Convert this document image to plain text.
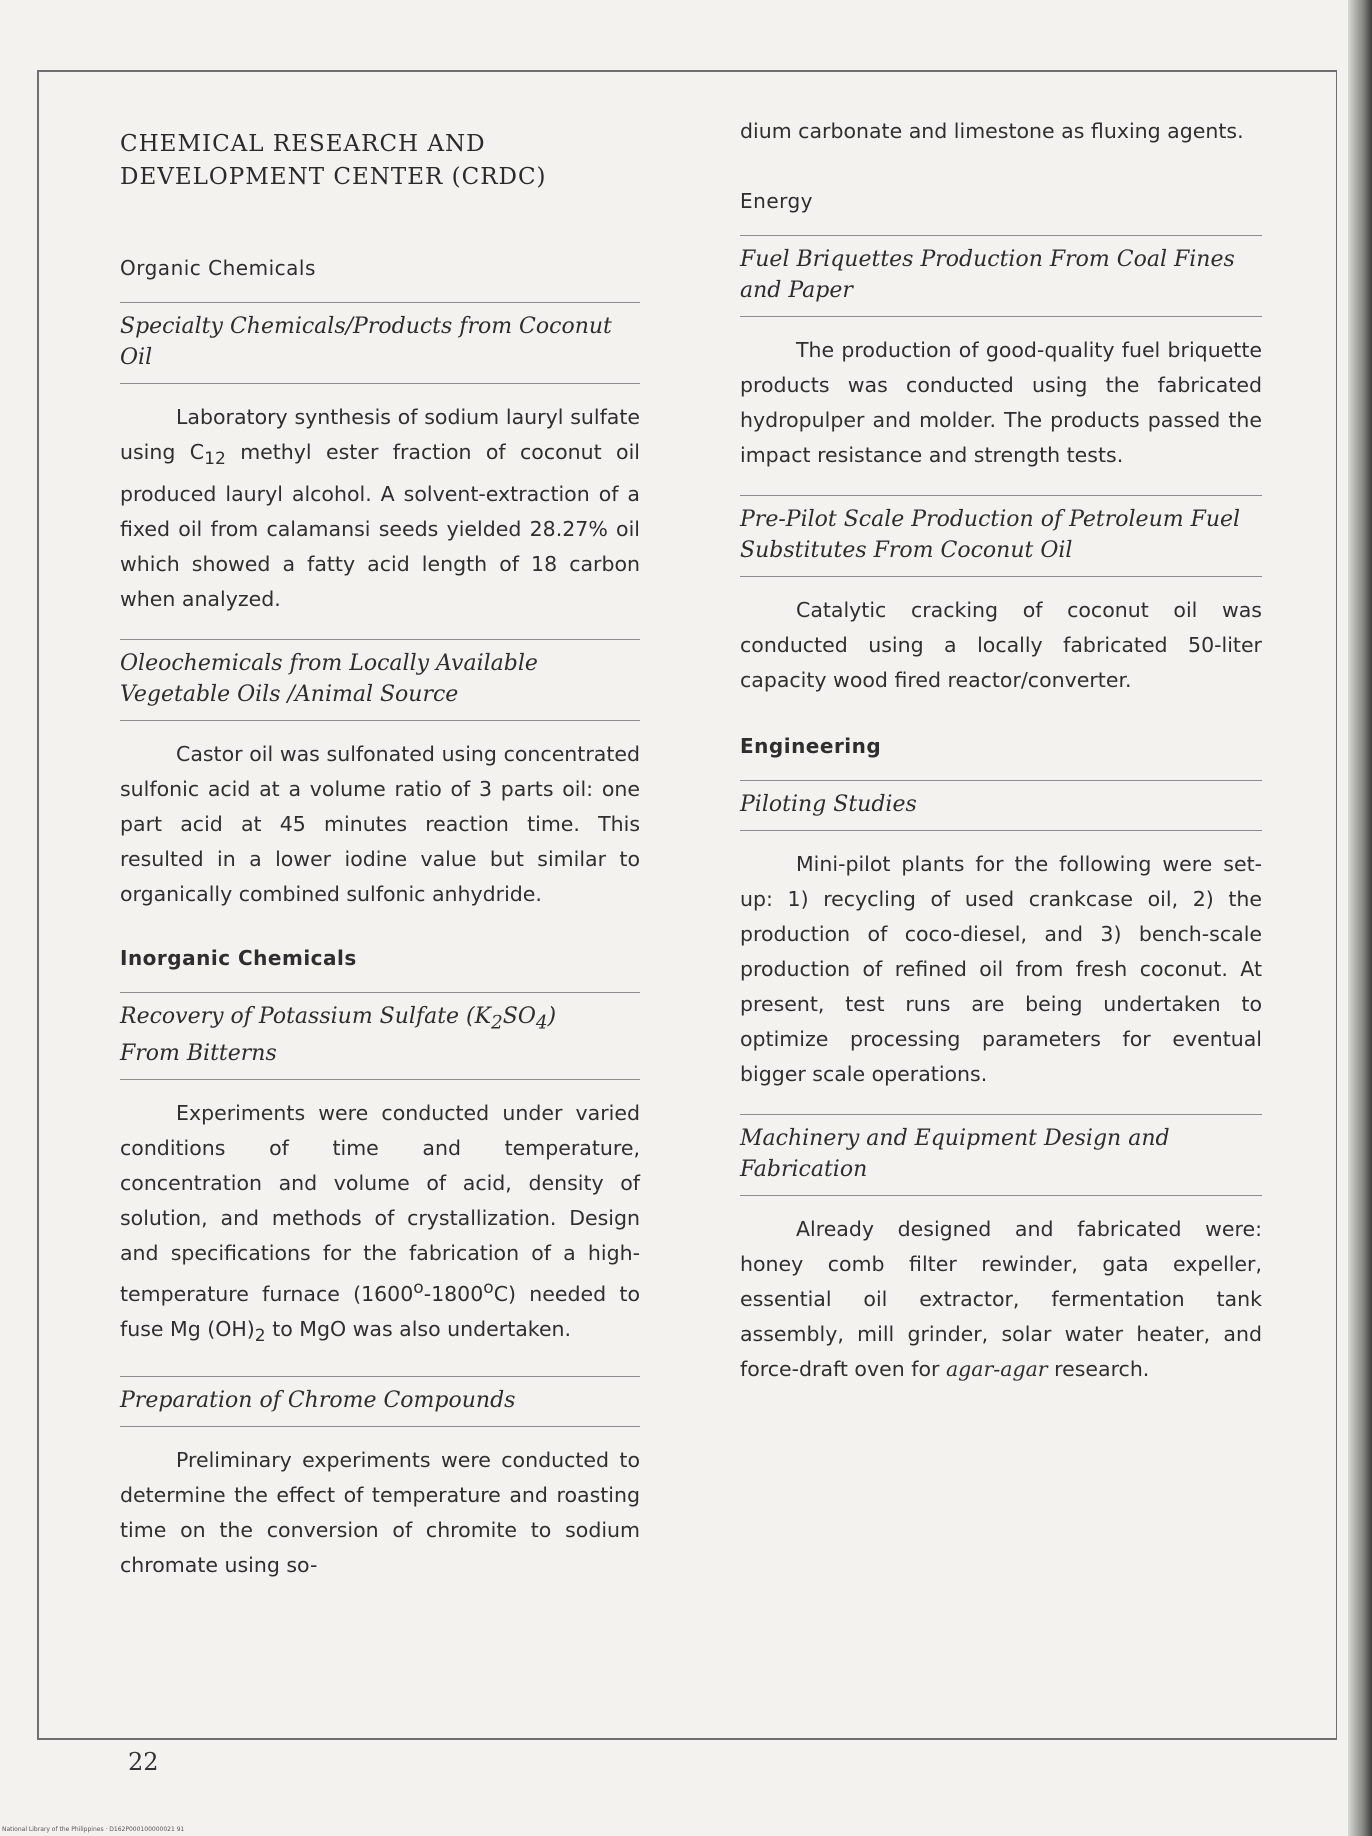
CHEMICAL RESEARCH AND
DEVELOPMENT CENTER (CRDC)
Organic Chemicals
Specialty Chemicals/Products from Coconut Oil

Laboratory synthesis of sodium lauryl sulfate using $C_{12}$ methyl ester fraction of coconut oil produced lauryl alcohol. A solvent-extraction of a fixed oil from calamansi seeds yielded 28.27% oil which showed a fatty acid length of 18 carbon when analyzed.

Oleochemicals from Locally Available Vegetable Oils /Animal Source

Castor oil was sulfonated using concentrated sulfonic acid at a volume ratio of 3 parts oil: one part acid at 45 minutes reaction time. This resulted in a lower iodine value but similar to organically combined sulfonic anhydride.

Inorganic Chemicals
Recovery of Potassium Sulfate $(K_2SO_4)$
From Bitterns

Experiments were conducted under varied conditions of time and temperature, concentration and volume of acid, density of solution, and methods of crystallization. Design and specifications for the fabrication of a high-temperature furnace (1600$^o$-1800$^o$C) needed to fuse Mg $(OH)_2$ to MgO was also undertaken.

Preparation of Chrome Compounds

Preliminary experiments were conducted to determine the effect of temperature and roasting time on the conversion of chromite to sodium chromate using so-

dium carbonate and limestone as fluxing agents.

Energy
Fuel Briquettes Production From Coal Fines and Paper

The production of good-quality fuel briquette products was conducted using the fabricated hydropulper and molder. The products passed the impact resistance and strength tests.

Pre-Pilot Scale Production of Petroleum Fuel Substitutes From Coconut Oil

Catalytic cracking of coconut oil was conducted using a locally fabricated 50-liter capacity wood fired reactor/converter.

Engineering
Piloting Studies

Mini-pilot plants for the following were set-up: 1) recycling of used crankcase oil, 2) the production of coco-diesel, and 3) bench-scale production of refined oil from fresh coconut. At present, test runs are being undertaken to optimize processing parameters for eventual bigger scale operations.

Machinery and Equipment Design and Fabrication

Already designed and fabricated were: honey comb filter rewinder, gata expeller, essential oil extractor, fermentation tank assembly, mill grinder, solar water heater, and force-draft oven for agar-agar research.

22
National Library of the Philippines · D162P000100000021 91
